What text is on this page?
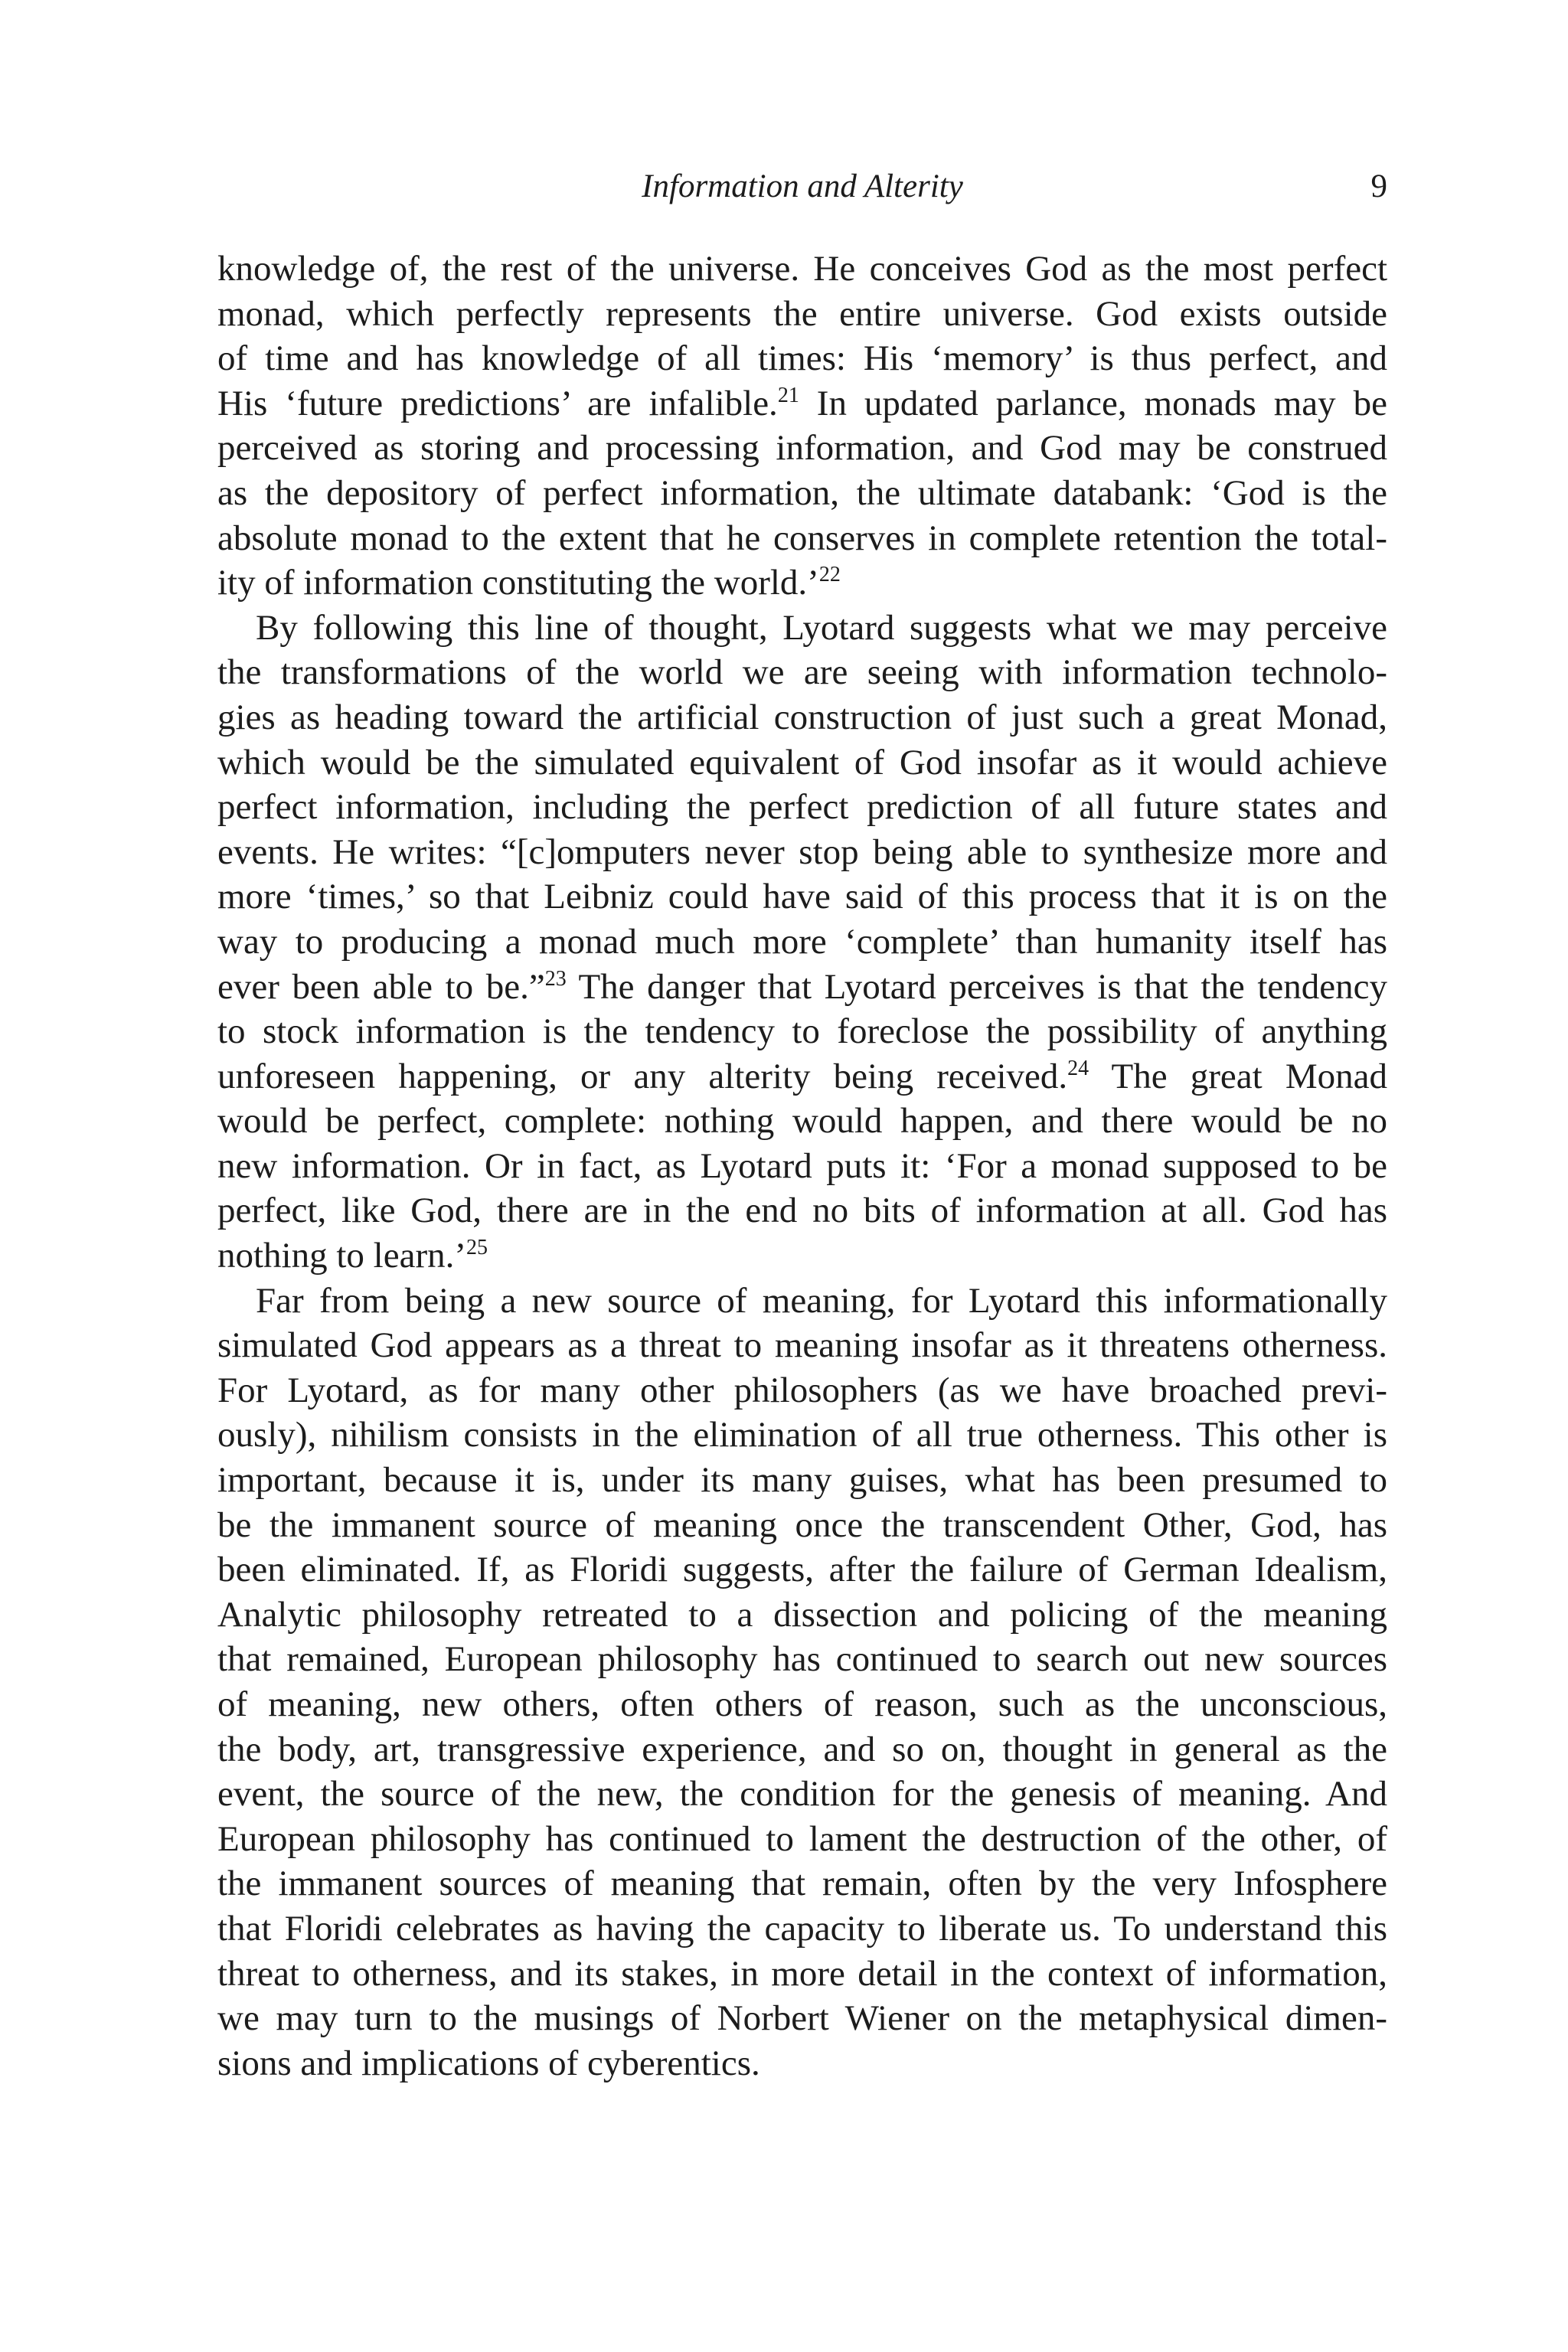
Information and Alterity	9
knowledge of, the rest of the universe. He conceives God as the most perfect
monad, which perfectly represents the entire universe. God exists outside
of time and has knowledge of all times: His ‘memory’ is thus perfect, and
His ‘future predictions’ are infalible.$^{21}$ In updated parlance, monads may be
perceived as storing and processing information, and God may be construed
as the depository of perfect information, the ultimate databank: ‘God is the
absolute monad to the extent that he conserves in complete retention the total-
ity of information constituting the world.’$^{22}$
By following this line of thought, Lyotard suggests what we may perceive
the transformations of the world we are seeing with information technolo-
gies as heading toward the artificial construction of just such a great Monad,
which would be the simulated equivalent of God insofar as it would achieve
perfect information, including the perfect prediction of all future states and
events. He writes: “[c]omputers never stop being able to synthesize more and
more ‘times,’ so that Leibniz could have said of this process that it is on the
way to producing a monad much more ‘complete’ than humanity itself has
ever been able to be.”$^{23}$ The danger that Lyotard perceives is that the tendency
to stock information is the tendency to foreclose the possibility of anything
unforeseen happening, or any alterity being received.$^{24}$ The great Monad
would be perfect, complete: nothing would happen, and there would be no
new information. Or in fact, as Lyotard puts it: ‘For a monad supposed to be
perfect, like God, there are in the end no bits of information at all. God has
nothing to learn.’$^{25}$
Far from being a new source of meaning, for Lyotard this informationally
simulated God appears as a threat to meaning insofar as it threatens otherness.
For Lyotard, as for many other philosophers (as we have broached previ-
ously), nihilism consists in the elimination of all true otherness. This other is
important, because it is, under its many guises, what has been presumed to
be the immanent source of meaning once the transcendent Other, God, has
been eliminated. If, as Floridi suggests, after the failure of German Idealism,
Analytic philosophy retreated to a dissection and policing of the meaning
that remained, European philosophy has continued to search out new sources
of meaning, new others, often others of reason, such as the unconscious,
the body, art, transgressive experience, and so on, thought in general as the
event, the source of the new, the condition for the genesis of meaning. And
European philosophy has continued to lament the destruction of the other, of
the immanent sources of meaning that remain, often by the very Infosphere
that Floridi celebrates as having the capacity to liberate us. To understand this
threat to otherness, and its stakes, in more detail in the context of information,
we may turn to the musings of Norbert Wiener on the metaphysical dimen-
sions and implications of cyberentics.
